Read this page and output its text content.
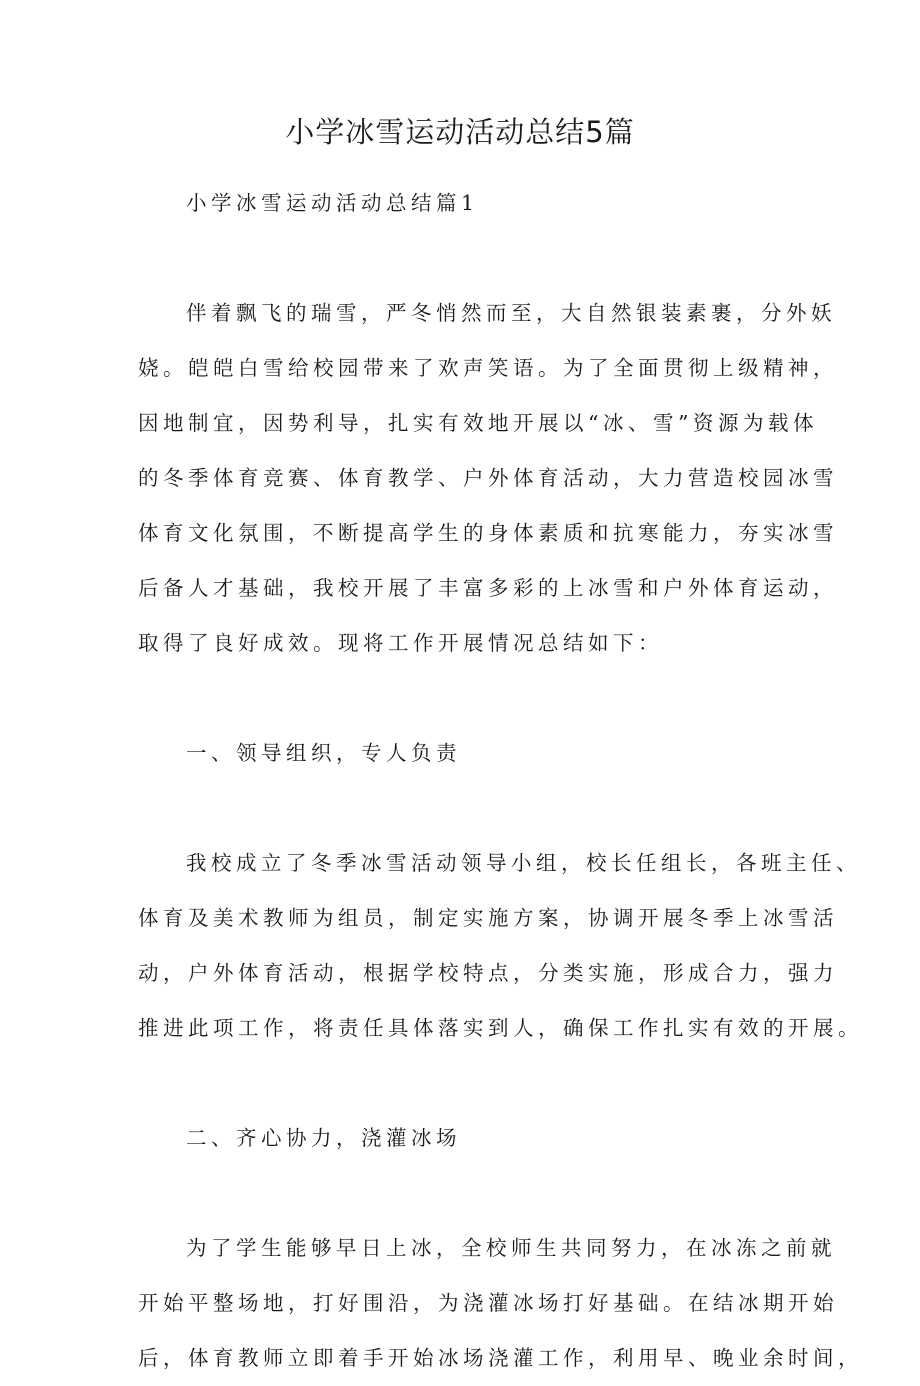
小学冰雪运动活动总结5篇
小学冰雪运动活动总结篇1
伴着飘飞的瑞雪，严冬悄然而至，大自然银装素裹，分外妖
娆。皑皑白雪给校园带来了欢声笑语。为了全面贯彻上级精神，
因地制宜，因势利导，扎实有效地开展以“冰、雪”资源为载体
的冬季体育竞赛、体育教学、户外体育活动，大力营造校园冰雪
体育文化氛围，不断提高学生的身体素质和抗寒能力，夯实冰雪
后备人才基础，我校开展了丰富多彩的上冰雪和户外体育运动，
取得了良好成效。现将工作开展情况总结如下：
一、领导组织，专人负责
我校成立了冬季冰雪活动领导小组，校长任组长，各班主任、
体育及美术教师为组员，制定实施方案，协调开展冬季上冰雪活
动，户外体育活动，根据学校特点，分类实施，形成合力，强力
推进此项工作，将责任具体落实到人，确保工作扎实有效的开展。
二、齐心协力，浇灌冰场
为了学生能够早日上冰，全校师生共同努力，在冰冻之前就
开始平整场地，打好围沿，为浇灌冰场打好基础。在结冰期开始
后，体育教师立即着手开始冰场浇灌工作，利用早、晚业余时间，
